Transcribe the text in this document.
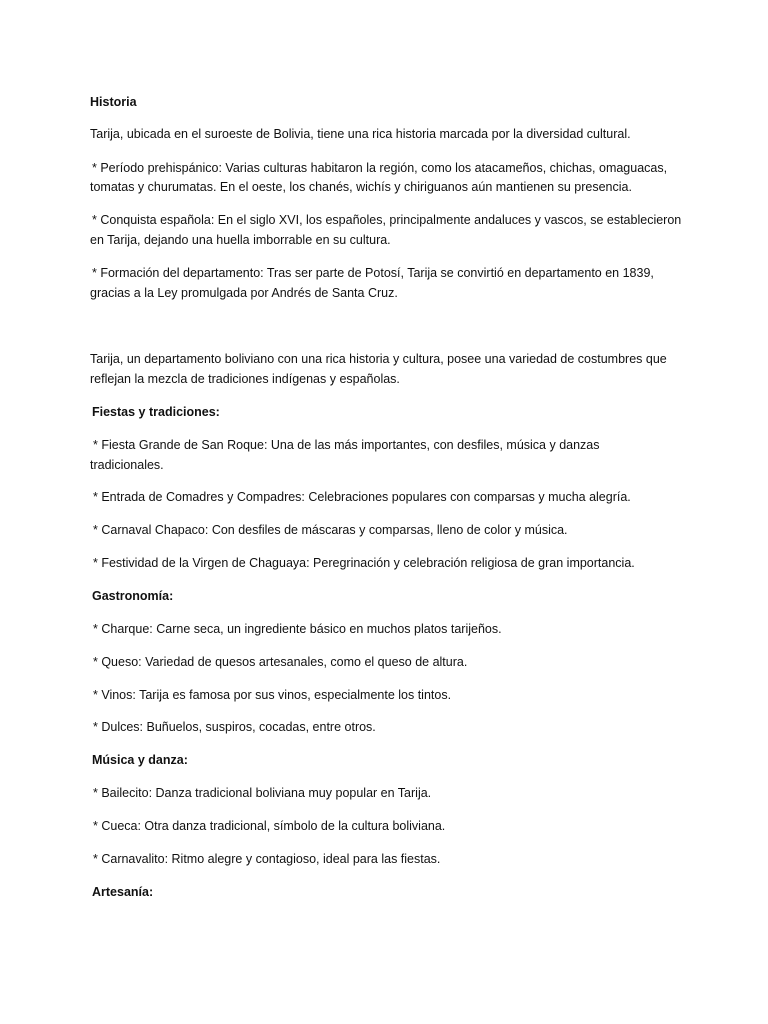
Historia

Tarija, ubicada en el suroeste de Bolivia, tiene una rica historia marcada por la diversidad cultural.

* Período prehispánico: Varias culturas habitaron la región, como los atacameños, chichas, omaguacas,

tomatas y churumatas. En el oeste, los chanés, wichís y chiriguanos aún mantienen su presencia.

* Conquista española: En el siglo XVI, los españoles, principalmente andaluces y vascos, se establecieron

en Tarija, dejando una huella imborrable en su cultura.

* Formación del departamento: Tras ser parte de Potosí, Tarija se convirtió en departamento en 1839,

gracias a la Ley promulgada por Andrés de Santa Cruz.

Tarija, un departamento boliviano con una rica historia y cultura, posee una variedad de costumbres que

reflejan la mezcla de tradiciones indígenas y españolas.

Fiestas y tradiciones:

* Fiesta Grande de San Roque: Una de las más importantes, con desfiles, música y danzas

tradicionales.

* Entrada de Comadres y Compadres: Celebraciones populares con comparsas y mucha alegría.

* Carnaval Chapaco: Con desfiles de máscaras y comparsas, lleno de color y música.

* Festividad de la Virgen de Chaguaya: Peregrinación y celebración religiosa de gran importancia.

Gastronomía:

* Charque: Carne seca, un ingrediente básico en muchos platos tarijeños.

* Queso: Variedad de quesos artesanales, como el queso de altura.

* Vinos: Tarija es famosa por sus vinos, especialmente los tintos.

* Dulces: Buñuelos, suspiros, cocadas, entre otros.

Música y danza:

* Bailecito: Danza tradicional boliviana muy popular en Tarija.

* Cueca: Otra danza tradicional, símbolo de la cultura boliviana.

* Carnavalito: Ritmo alegre y contagioso, ideal para las fiestas.

Artesanía:
